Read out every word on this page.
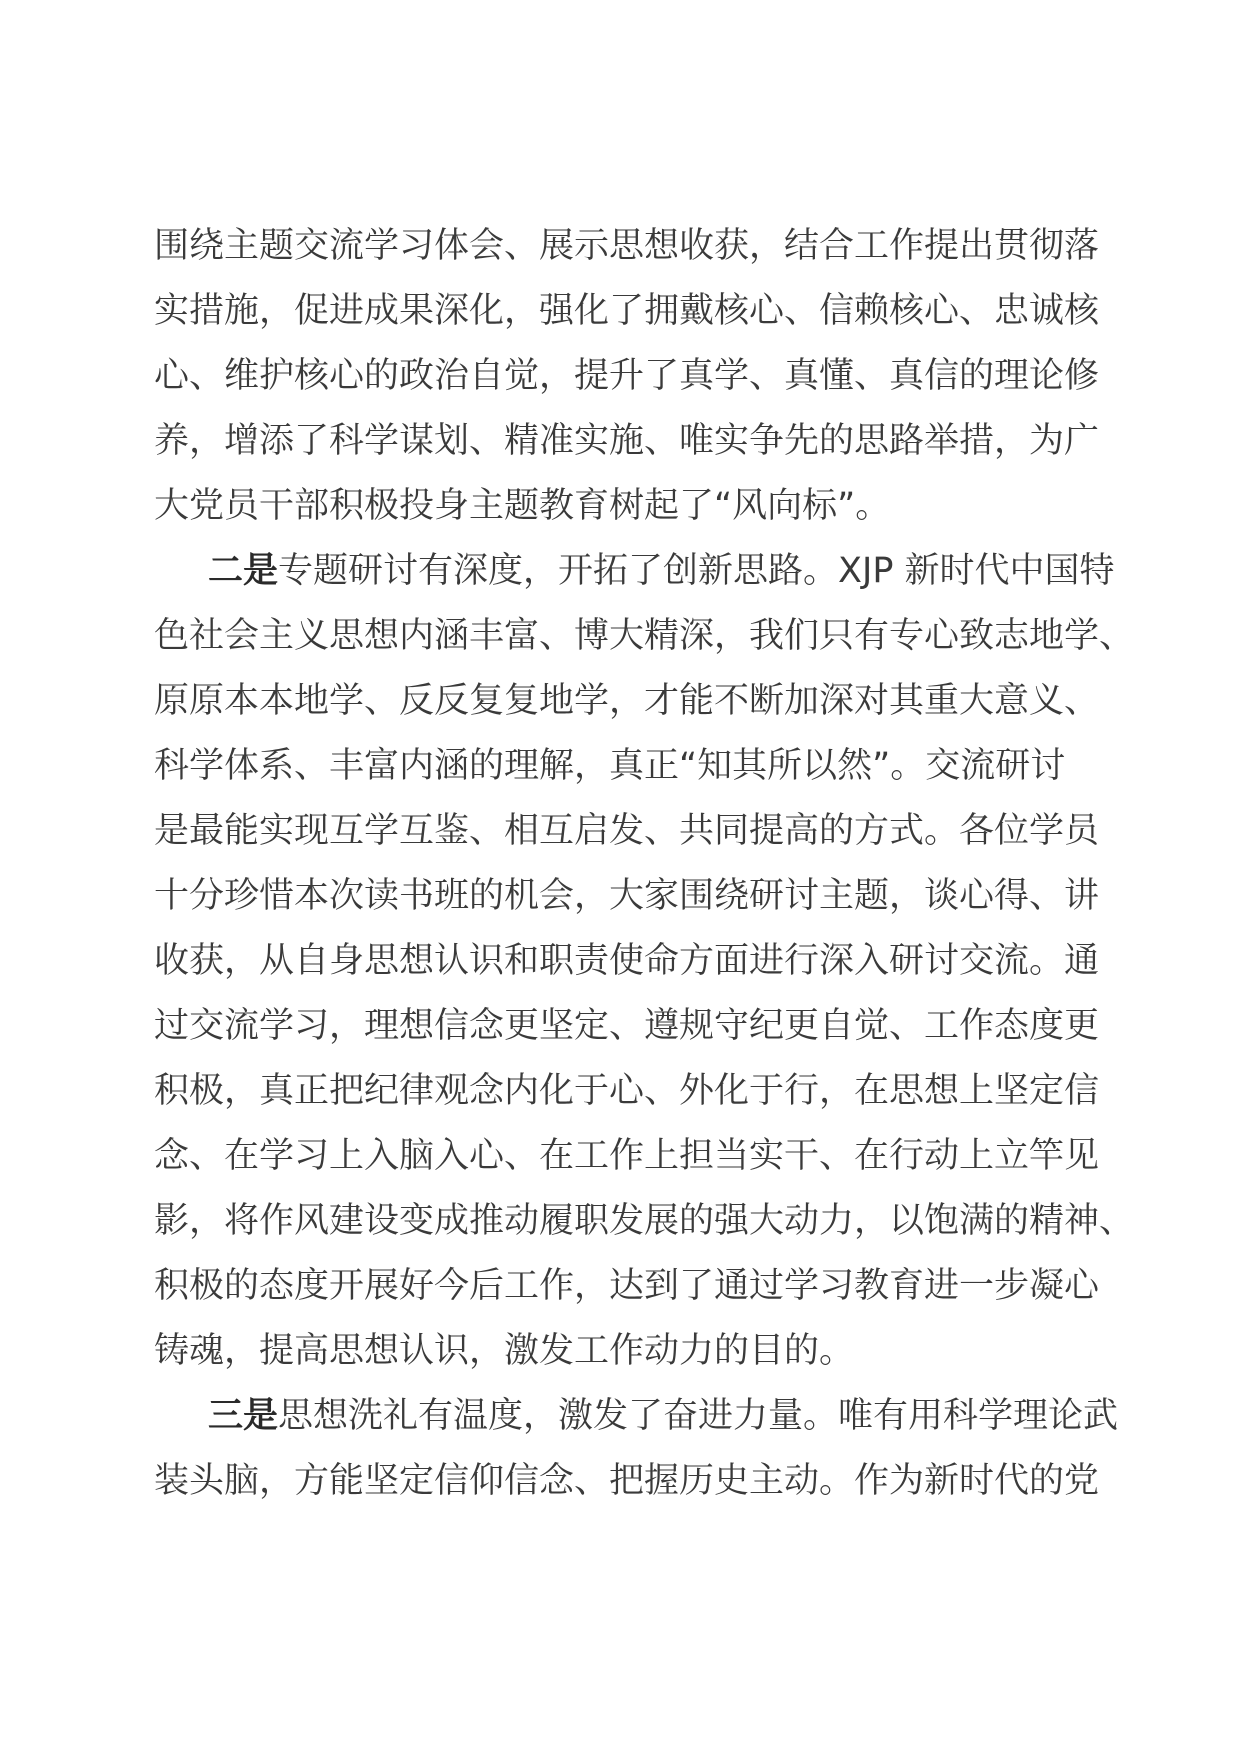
围绕主题交流学习体会、展示思想收获，结合工作提出贯彻落
实措施，促进成果深化，强化了拥戴核心、信赖核心、忠诚核
心、维护核心的政治自觉，提升了真学、真懂、真信的理论修
养，增添了科学谋划、精准实施、唯实争先的思路举措，为广
大党员干部积极投身主题教育树起了“风向标”。
二是专题研讨有深度，开拓了创新思路。XJP 新时代中国特
色社会主义思想内涵丰富、博大精深，我们只有专心致志地学、
原原本本地学、反反复复地学，才能不断加深对其重大意义、
科学体系、丰富内涵的理解，真正“知其所以然”。交流研讨
是最能实现互学互鉴、相互启发、共同提高的方式。各位学员
十分珍惜本次读书班的机会，大家围绕研讨主题，谈心得、讲
收获，从自身思想认识和职责使命方面进行深入研讨交流。通
过交流学习，理想信念更坚定、遵规守纪更自觉、工作态度更
积极，真正把纪律观念内化于心、外化于行，在思想上坚定信
念、在学习上入脑入心、在工作上担当实干、在行动上立竿见
影，将作风建设变成推动履职发展的强大动力，以饱满的精神、
积极的态度开展好今后工作，达到了通过学习教育进一步凝心
铸魂，提高思想认识，激发工作动力的目的。
三是思想洗礼有温度，激发了奋进力量。唯有用科学理论武
装头脑，方能坚定信仰信念、把握历史主动。作为新时代的党
